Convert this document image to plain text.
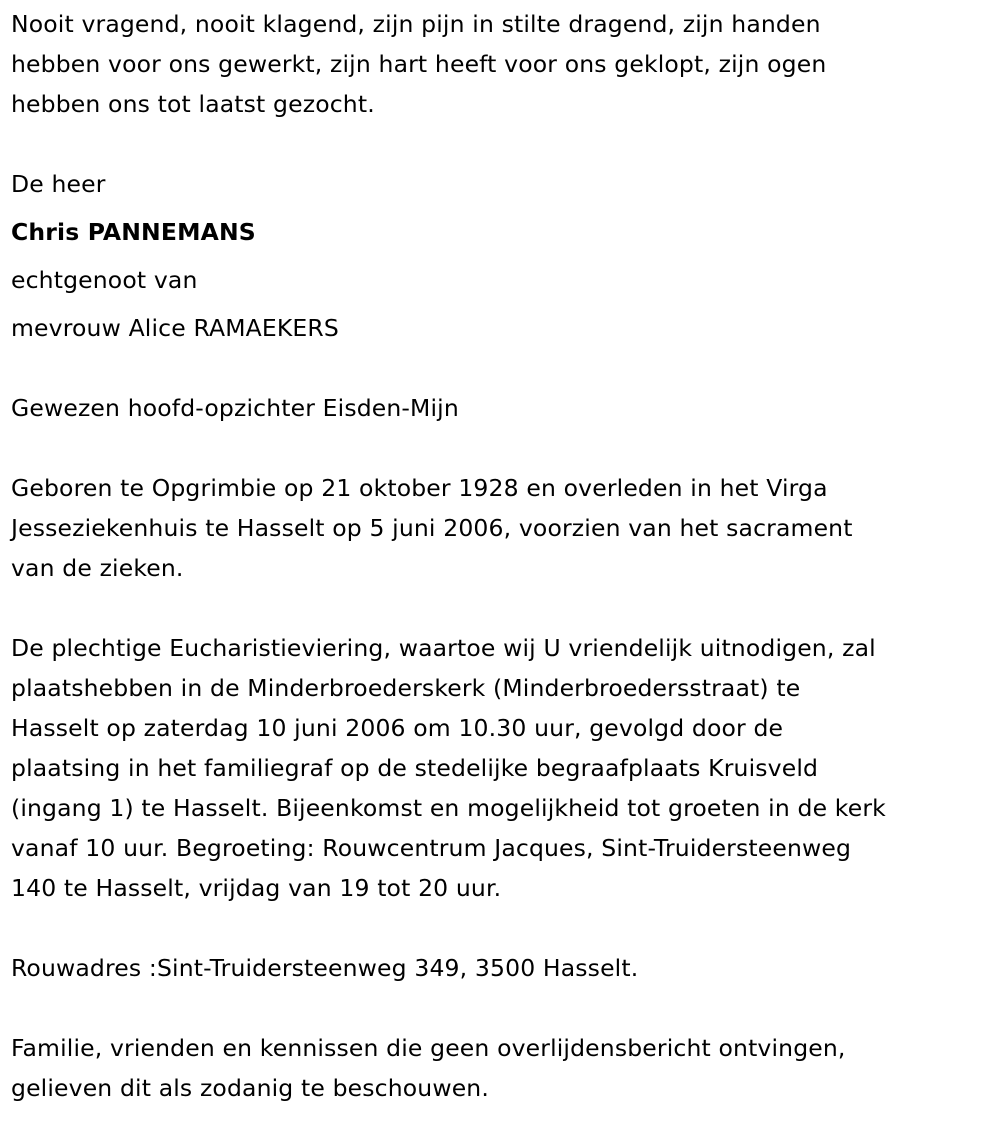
Nooit vragend, nooit klagend, zijn pijn in stilte dragend, zijn handen
hebben voor ons gewerkt, zijn hart heeft voor ons geklopt, zijn ogen
hebben ons tot laatst gezocht.
De heer
Chris PANNEMANS
echtgenoot van
mevrouw Alice RAMAEKERS
Gewezen hoofd-opzichter Eisden-Mijn
Geboren te Opgrimbie op 21 oktober 1928 en overleden in het Virga
Jesseziekenhuis te Hasselt op 5 juni 2006, voorzien van het sacrament
van de zieken.
De plechtige Eucharistieviering, waartoe wij U vriendelijk uitnodigen, zal
plaatshebben in de Minderbroederskerk (Minderbroedersstraat) te
Hasselt op zaterdag 10 juni 2006 om 10.30 uur, gevolgd door de
plaatsing in het familiegraf op de stedelijke begraafplaats Kruisveld
(ingang 1) te Hasselt. Bijeenkomst en mogelijkheid tot groeten in de kerk
vanaf 10 uur. Begroeting: Rouwcentrum Jacques, Sint-Truidersteenweg
140 te Hasselt, vrijdag van 19 tot 20 uur.
Rouwadres :Sint-Truidersteenweg 349, 3500 Hasselt.
Familie, vrienden en kennissen die geen overlijdensbericht ontvingen,
gelieven dit als zodanig te beschouwen.
